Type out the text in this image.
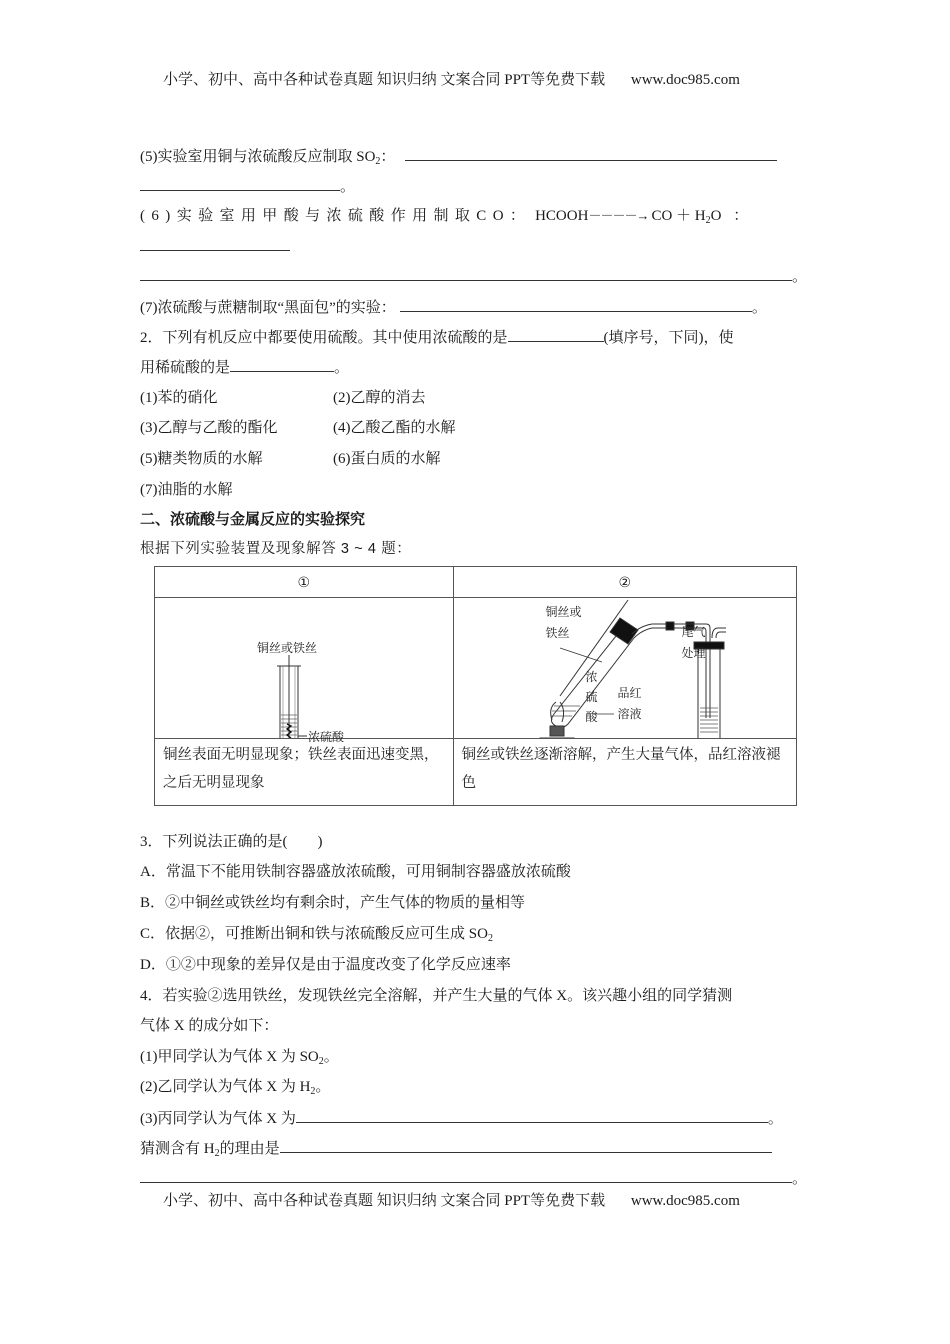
小学、初中、高中各种试卷真题 知识归纳 文案合同 PPT等免费下载 www.doc985.com
(5)实验室用铜与浓硫酸反应制取 $SO_2$：
。
(6)实验室用甲酸与浓硫酸作用制取CO： HCOOH－－－－→ CO ＋ $H_2O$ ：
。
(7)浓硫酸与蔗糖制取“黑面包”的实验：	。
2．下列有机反应中都要使用硫酸。其中使用浓硫酸的是	(填序号，下同)，使
用稀硫酸的是	。
(1)苯的硝化	(2)乙醇的消去
(3)乙醇与乙酸的酯化	(4)乙酸乙酯的水解
(5)糖类物质的水解	(6)蛋白质的水解
(7)油脂的水解
二、浓硫酸与金属反应的实验探究
根据下列实验装置及现象解答 3 ~ 4 题：
①	②

铜丝或铁丝
浓硫酸

铜丝或
铁丝
浓
硫
酸
尾气
处理
品红
溶液

铜丝表面无明显现象；铁丝表面迅速变黑，之后无明显现象	铜丝或铁丝逐渐溶解，产生大量气体，品红溶液褪色
3．下列说法正确的是(　　)
A．常温下不能用铁制容器盛放浓硫酸，可用铜制容器盛放浓硫酸
B．②中铜丝或铁丝均有剩余时，产生气体的物质的量相等
C．依据②，可推断出铜和铁与浓硫酸反应可生成 $SO_2$
D．①②中现象的差异仅是由于温度改变了化学反应速率
4．若实验②选用铁丝，发现铁丝完全溶解，并产生大量的气体 X。该兴趣小组的同学猜测
气体 X 的成分如下：
(1)甲同学认为气体 X 为 $SO_2$。
(2)乙同学认为气体 X 为 $H_2$。
(3)丙同学认为气体 X 为	。
猜测含有 $H_2$的理由是
。
小学、初中、高中各种试卷真题 知识归纳 文案合同 PPT等免费下载 www.doc985.com
